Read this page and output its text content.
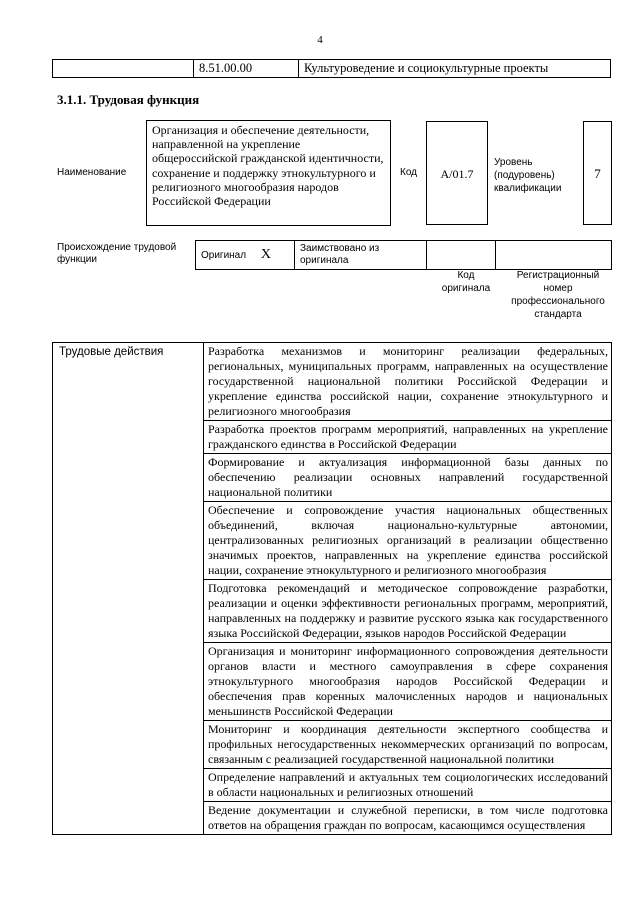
4
	8.51.00.00	Культуроведение и социокультурные проекты
3.1.1. Трудовая функция
Наименование
Организация и обеспечение деятельности, направленной на укрепление общероссийской гражданской идентичности, сохранение и поддержку этнокультурного и религиозного многообразия народов Российской Федерации
Код	A/01.7
Уровень
(подуровень)
квалификации
7
Происхождение трудовой
функции	Оригинал X	Заимствовано из
оригинала

Код
оригинала
Регистрационный
номер
профессионального
стандарта
Трудовые действия	Разработка механизмов и мониторинг реализации федеральных, региональных, муниципальных программ, направленных на осуществление государственной национальной политики Российской Федерации и укрепление единства российской нации, сохранение этнокультурного и религиозного многообразия
Разработка проектов программ мероприятий, направленных на укрепление гражданского единства в Российской Федерации
Формирование и актуализация информационной базы данных по обеспечению реализации основных направлений государственной национальной политики
Обеспечение и сопровождение участия национальных общественных объединений, включая национально-культурные автономии, централизованных религиозных организаций в реализации общественно значимых проектов, направленных на укрепление единства российской нации, сохранение этнокультурного и религиозного многообразия
Подготовка рекомендаций и методическое сопровождение разработки, реализации и оценки эффективности региональных программ, мероприятий, направленных на поддержку и развитие русского языка как государственного языка Российской Федерации, языков народов Российской Федерации
Организация и мониторинг информационного сопровождения деятельности органов власти и местного самоуправления в сфере сохранения этнокультурного многообразия народов Российской Федерации и обеспечения прав коренных малочисленных народов и национальных меньшинств Российской Федерации
Мониторинг и координация деятельности экспертного сообщества и профильных негосударственных некоммерческих организаций по вопросам, связанным с реализацией государственной национальной политики
Определение направлений и актуальных тем социологических исследований в области национальных и религиозных отношений
Ведение документации и служебной переписки, в том числе подготовка ответов на обращения граждан по вопросам, касающимся осуществления
